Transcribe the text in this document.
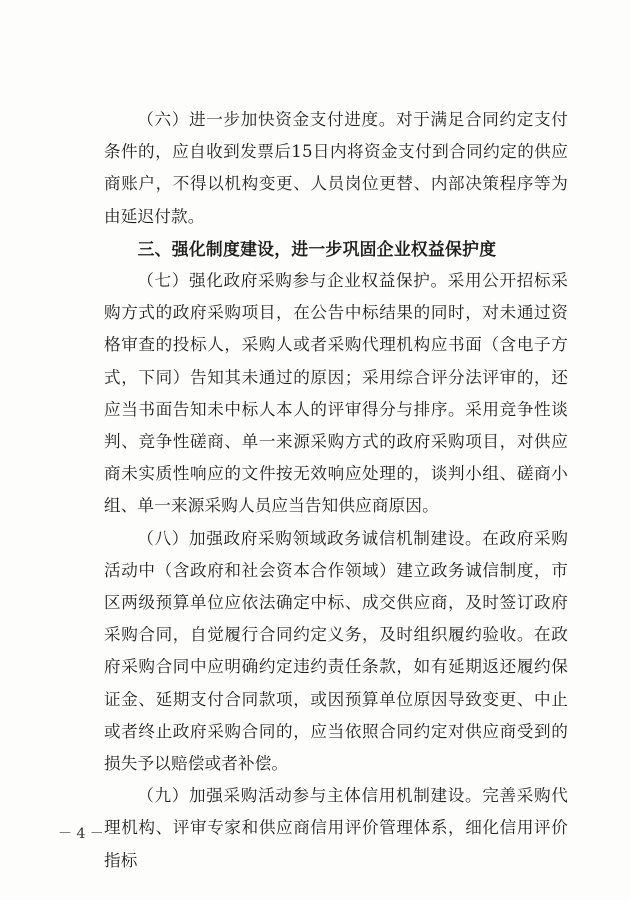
（六）进一步加快资金支付进度。对于满足合同约定支付条件的，应自收到发票后15日内将资金支付到合同约定的供应商账户，不得以机构变更、人员岗位更替、内部决策程序等为由延迟付款。

三、强化制度建设，进一步巩固企业权益保护度

（七）强化政府采购参与企业权益保护。采用公开招标采购方式的政府采购项目，在公告中标结果的同时，对未通过资格审查的投标人，采购人或者采购代理机构应书面（含电子方式，下同）告知其未通过的原因；采用综合评分法评审的，还应当书面告知未中标人本人的评审得分与排序。采用竞争性谈判、竞争性磋商、单一来源采购方式的政府采购项目，对供应商未实质性响应的文件按无效响应处理的，谈判小组、磋商小组、单一来源采购人员应当告知供应商原因。

（八）加强政府采购领域政务诚信机制建设。在政府采购活动中（含政府和社会资本合作领域）建立政务诚信制度，市区两级预算单位应依法确定中标、成交供应商，及时签订政府采购合同，自觉履行合同约定义务，及时组织履约验收。在政府采购合同中应明确约定违约责任条款，如有延期返还履约保证金、延期支付合同款项，或因预算单位原因导致变更、中止或者终止政府采购合同的，应当依照合同约定对供应商受到的损失予以赔偿或者补偿。

（九）加强采购活动参与主体信用机制建设。完善采购代理机构、评审专家和供应商信用评价管理体系，细化信用评价指标

－ 4 －
